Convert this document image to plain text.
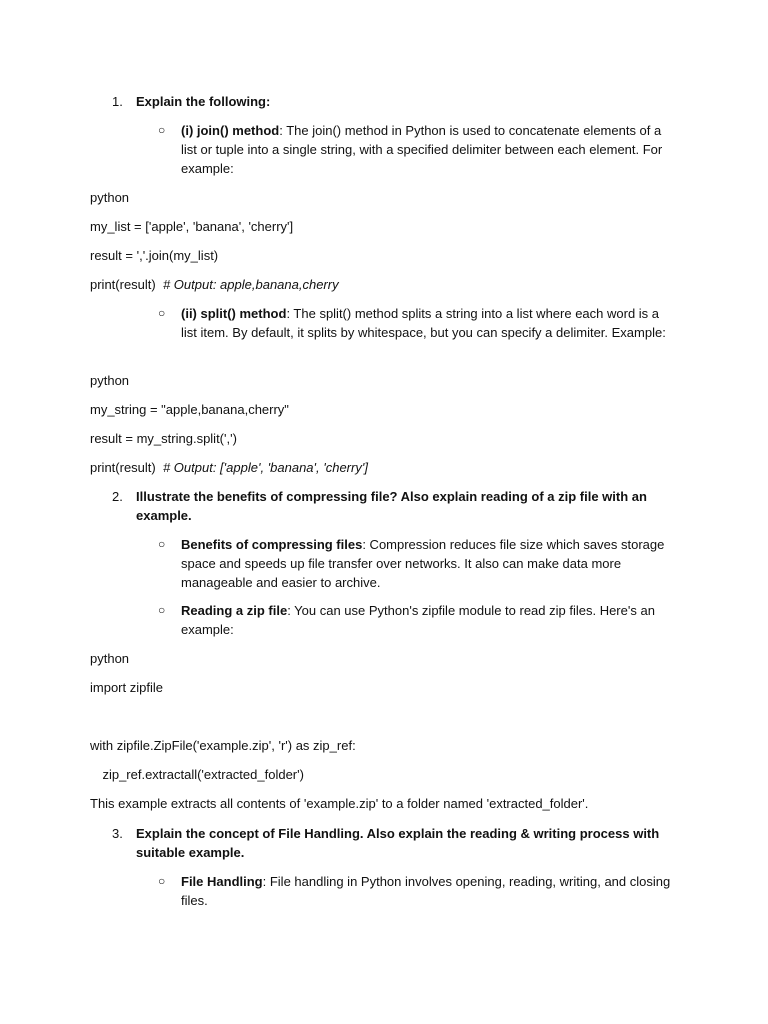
1. Explain the following:
○ (i) join() method: The join() method in Python is used to concatenate elements of a list or tuple into a single string, with a specified delimiter between each element. For example:
python
my_list = ['apple', 'banana', 'cherry']
result = ','.join(my_list)
print(result)  # Output: apple,banana,cherry
○ (ii) split() method: The split() method splits a string into a list where each word is a list item. By default, it splits by whitespace, but you can specify a delimiter. Example:
python
my_string = "apple,banana,cherry"
result = my_string.split(',')
print(result)  # Output: ['apple', 'banana', 'cherry']
2. Illustrate the benefits of compressing file? Also explain reading of a zip file with an example.
○ Benefits of compressing files: Compression reduces file size which saves storage space and speeds up file transfer over networks. It also can make data more manageable and easier to archive.
○ Reading a zip file: You can use Python's zipfile module to read zip files. Here's an example:
python
import zipfile
with zipfile.ZipFile('example.zip', 'r') as zip_ref:
zip_ref.extractall('extracted_folder')
This example extracts all contents of 'example.zip' to a folder named 'extracted_folder'.
3. Explain the concept of File Handling. Also explain the reading & writing process with suitable example.
○ File Handling: File handling in Python involves opening, reading, writing, and closing files.
